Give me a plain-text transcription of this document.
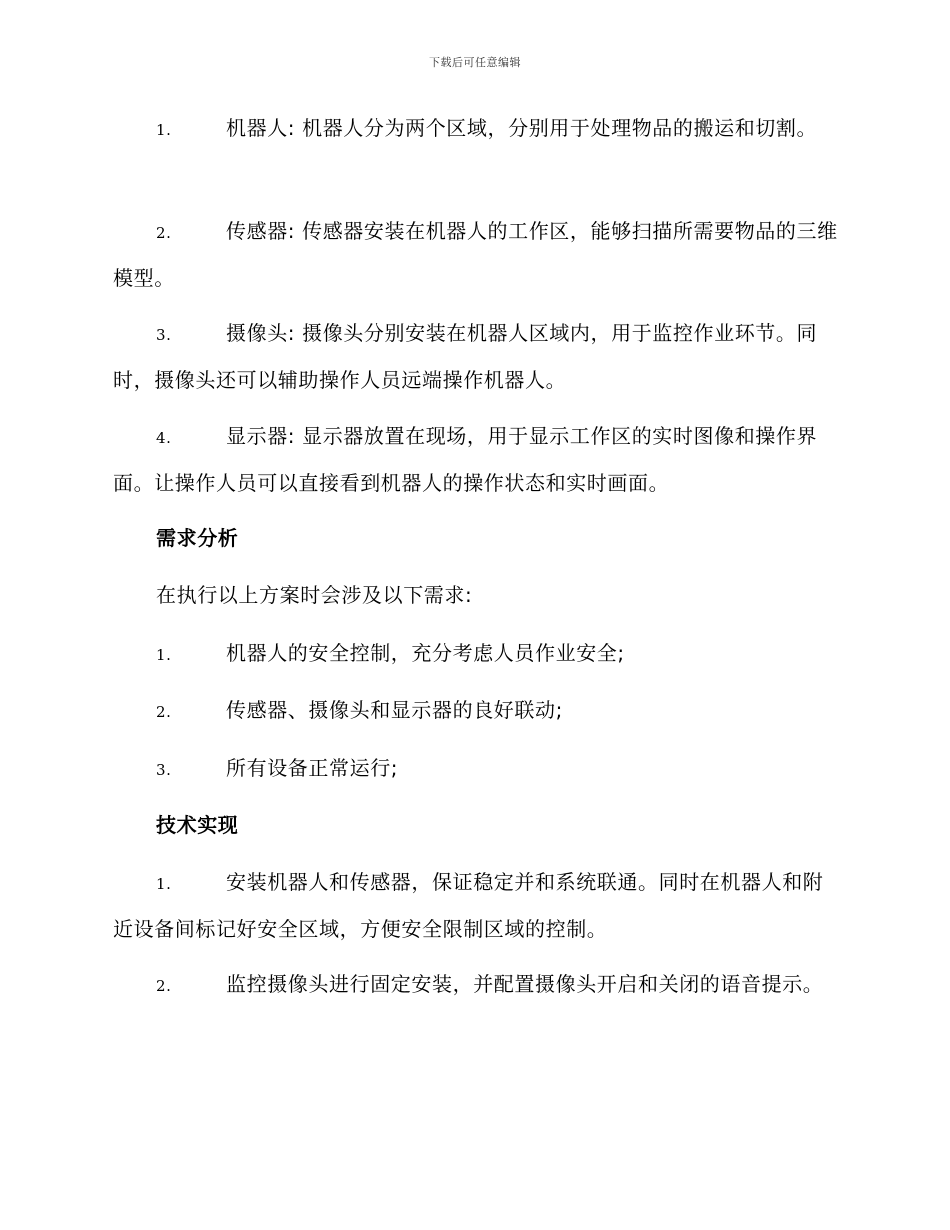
下载后可任意编辑
1.	机器人: 机器人分为两个区域，分别用于处理物品的搬运和切割。
2.	传感器: 传感器安装在机器人的工作区，能够扫描所需要物品的三维模型。
3.	摄像头: 摄像头分别安装在机器人区域内，用于监控作业环节。同时，摄像头还可以辅助操作人员远端操作机器人。
4.	显示器: 显示器放置在现场，用于显示工作区的实时图像和操作界面。让操作人员可以直接看到机器人的操作状态和实时画面。
需求分析
在执行以上方案时会涉及以下需求:
1.	机器人的安全控制，充分考虑人员作业安全;
2.	传感器、摄像头和显示器的良好联动;
3.	所有设备正常运行;
技术实现
1.	安装机器人和传感器，保证稳定并和系统联通。同时在机器人和附近设备间标记好安全区域，方便安全限制区域的控制。
2.	监控摄像头进行固定安装，并配置摄像头开启和关闭的语音提示。
